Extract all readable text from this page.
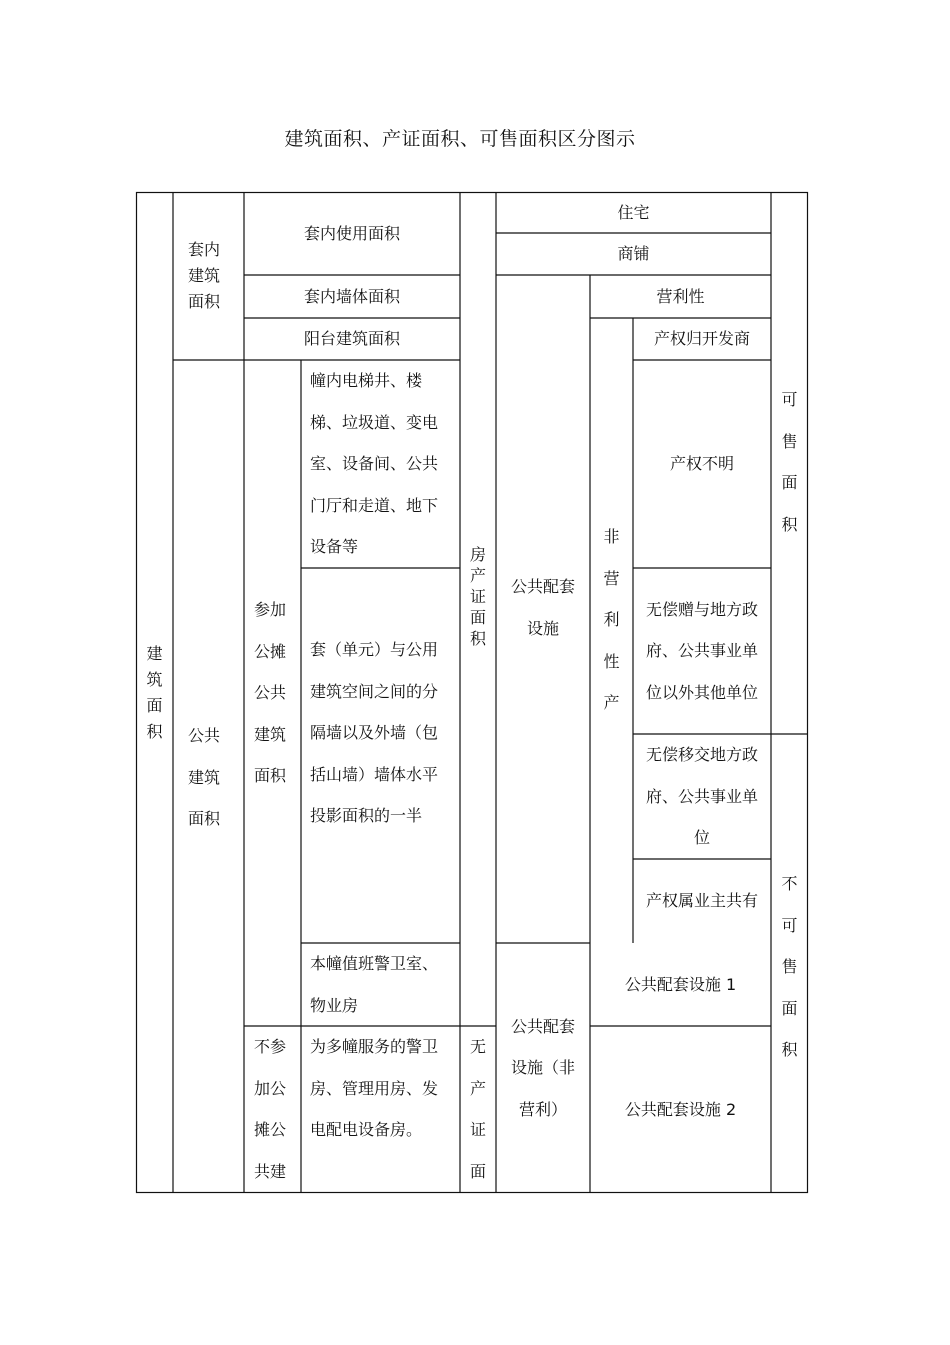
建筑面积、产证面积、可售面积区分图示
建筑面积
套内建筑面积
公共建筑面积
套内使用面积
套内墙体面积
阳台建筑面积
参加公摊公共建筑面积
幢内电梯井、楼梯、垃圾道、变电室、设备间、公共门厅和走道、地下设备等
套（单元）与公用建筑空间之间的分隔墙以及外墙（包括山墙）墙体水平投影面积的一半
本幢值班警卫室、物业房
不参加公摊公共建
为多幢服务的警卫房、管理用房、发电配电设备房。
房产证面积
无产证面
住宅
商铺
公共配套设施
营利性
非营利性产
产权归开发商
产权不明
无偿赠与地方政府、公共事业单位以外其他单位
无偿移交地方政府、公共事业单位
产权属业主共有
公共配套设施（非营利）
公共配套设施 1
公共配套设施 2
可售面积
不可售面积
